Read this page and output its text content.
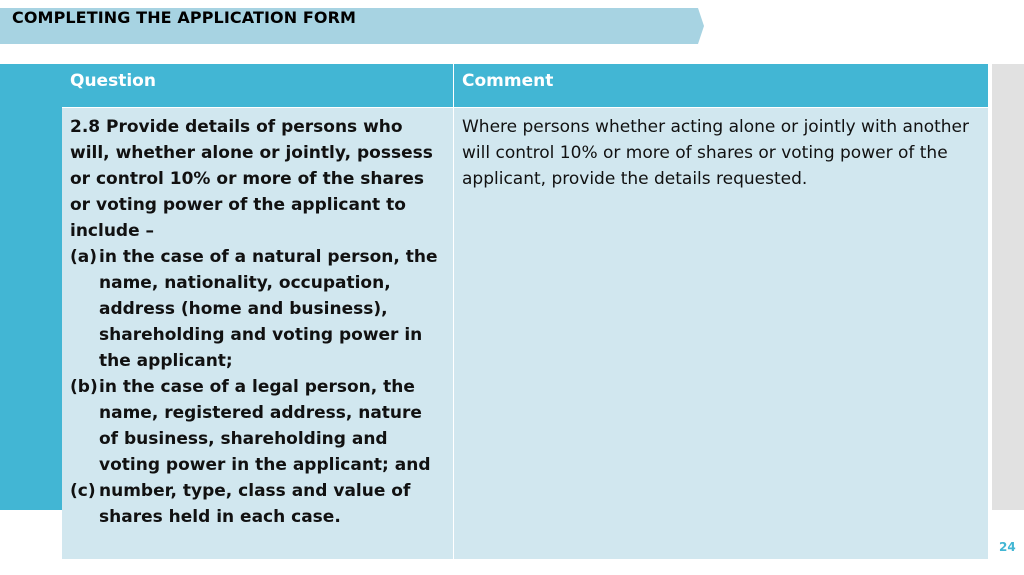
COMPLETING THE APPLICATION FORM
Question	Comment
2.8 Provide details of persons who will, whether alone or jointly, possess or control 10% or more of the shares or voting power of the applicant to include –
(a) in the case of a natural person, the name, nationality, occupation, address (home and business), shareholding and voting power in the applicant;
(b) in the case of a legal person, the name, registered address, nature of business, shareholding and voting power in the applicant; and
(c) number, type, class and value of shares held in each case.
Where persons whether acting alone or jointly with another will control 10% or more of shares or voting power of the applicant, provide the details requested.
24
